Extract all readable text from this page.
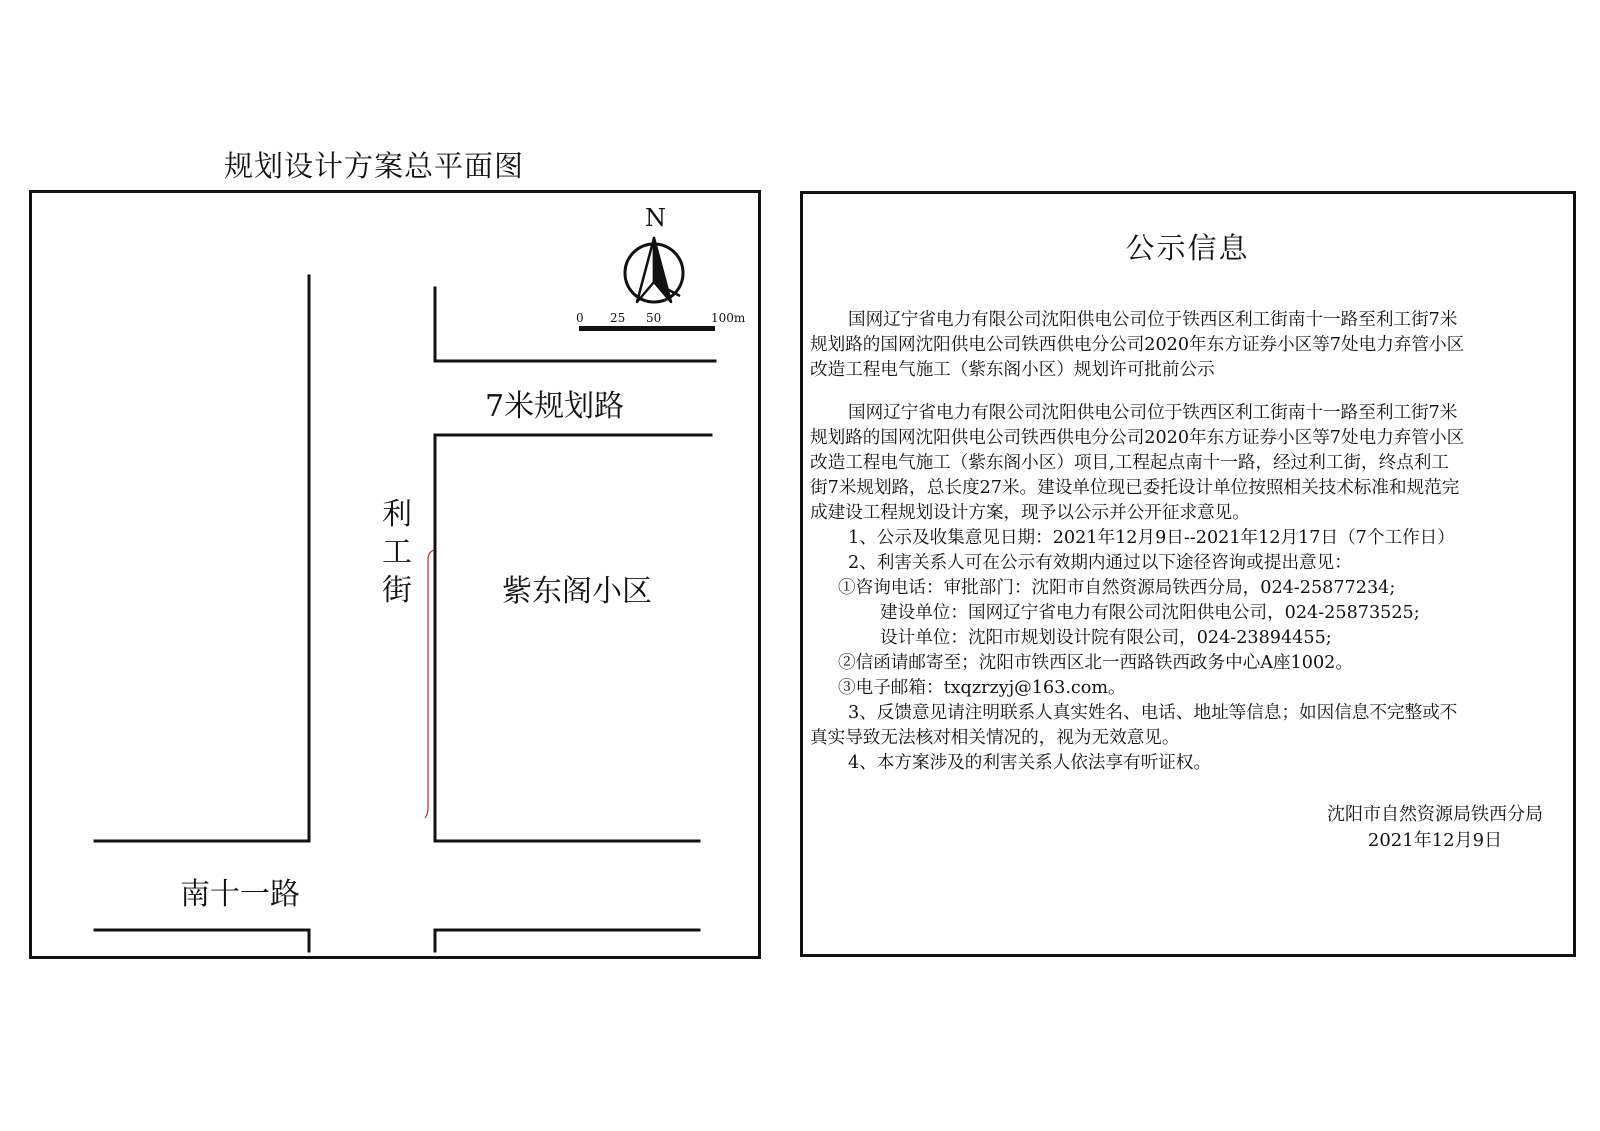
规划设计方案总平面图
N
0 25 50	100m
7米规划路
利
工
街	紫东阁小区
南十一路
公示信息
国网辽宁省电力有限公司沈阳供电公司位于铁西区利工街南十一路至利工街7米
规划路的国网沈阳供电公司铁西供电分公司2020年东方证券小区等7处电力弃管小区
改造工程电气施工（紫东阁小区）规划许可批前公示
国网辽宁省电力有限公司沈阳供电公司位于铁西区利工街南十一路至利工街7米
规划路的国网沈阳供电公司铁西供电分公司2020年东方证券小区等7处电力弃管小区
改造工程电气施工（紫东阁小区）项目,工程起点南十一路，经过利工街，终点利工
街7米规划路，总长度27米。建设单位现已委托设计单位按照相关技术标准和规范完
成建设工程规划设计方案，现予以公示并公开征求意见。
1、公示及收集意见日期：2021年12月9日--2021年12月17日（7个工作日）
2、利害关系人可在公示有效期内通过以下途径咨询或提出意见：
①咨询电话：审批部门：沈阳市自然资源局铁西分局，024-25877234;
建设单位：国网辽宁省电力有限公司沈阳供电公司，024-25873525;
设计单位：沈阳市规划设计院有限公司，024-23894455;
②信函请邮寄至；沈阳市铁西区北一西路铁西政务中心A座1002。
③电子邮箱：txqzrzyj@163.com。
3、反馈意见请注明联系人真实姓名、电话、地址等信息；如因信息不完整或不
真实导致无法核对相关情况的，视为无效意见。
4、本方案涉及的利害关系人依法享有听证权。
沈阳市自然资源局铁西分局
2021年12月9日
